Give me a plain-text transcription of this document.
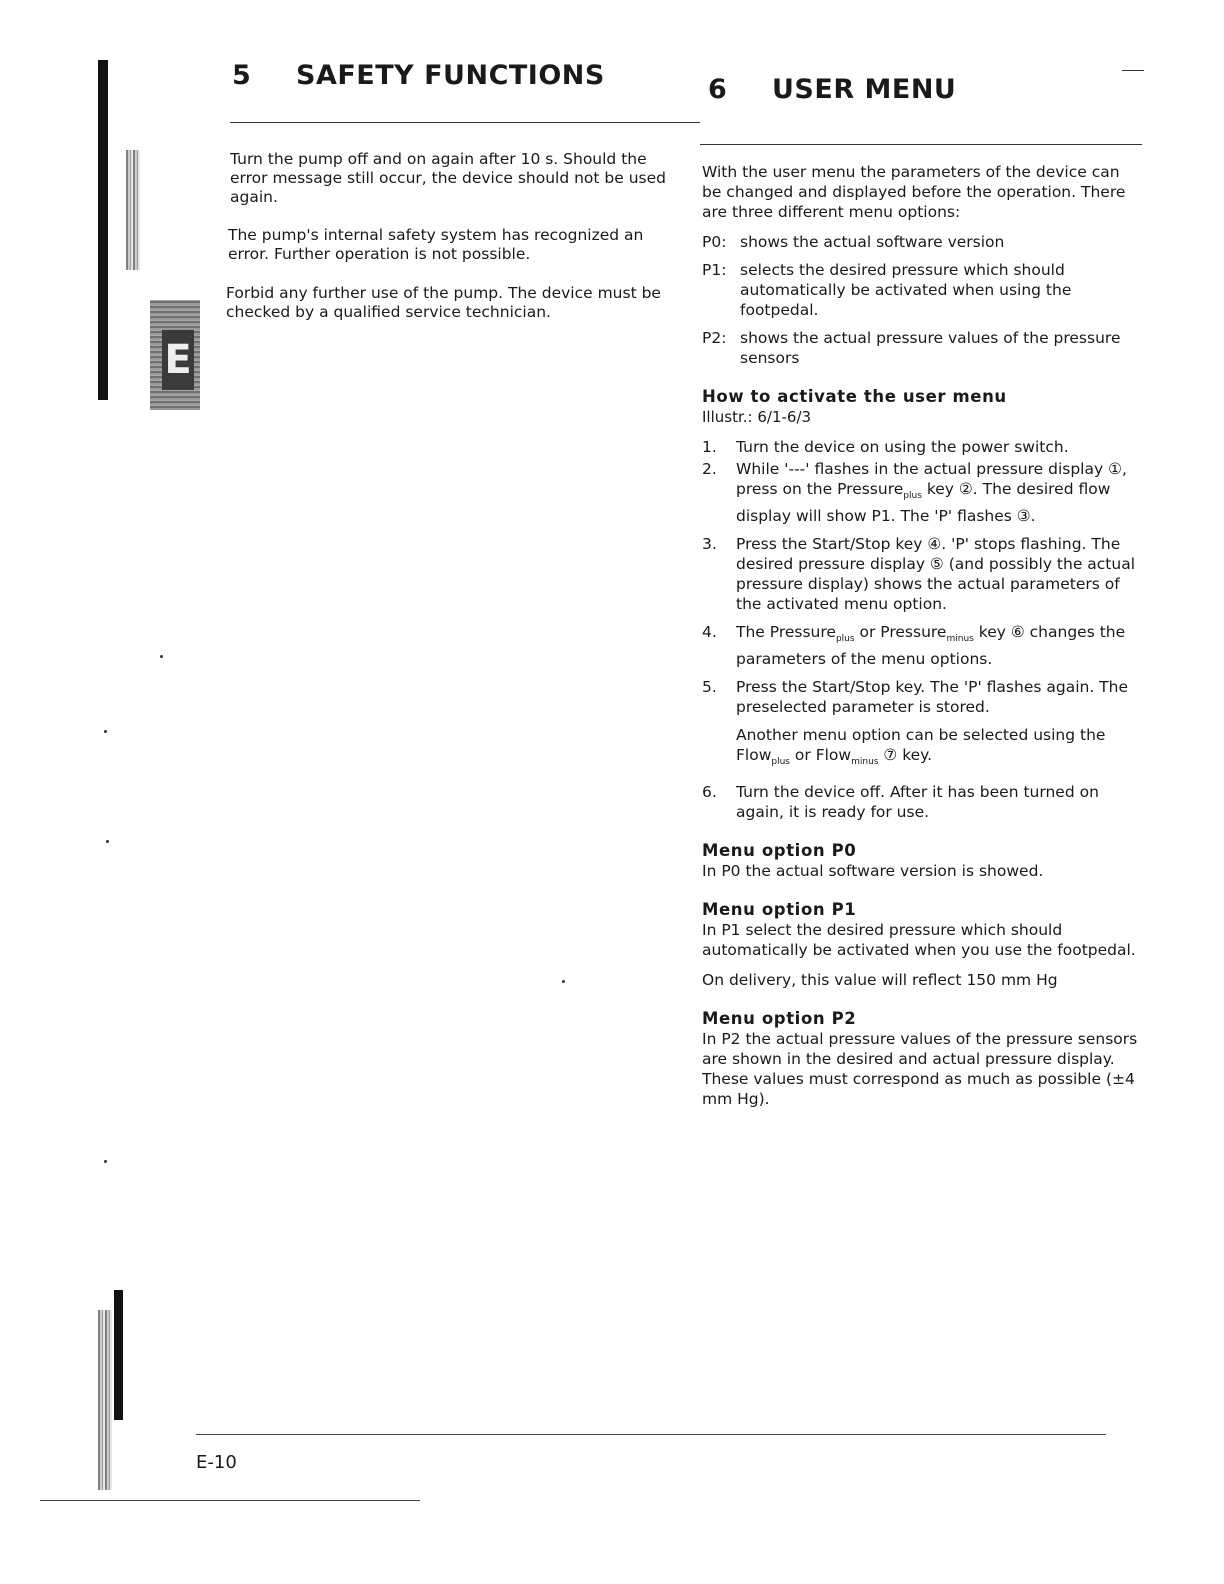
E
5 SAFETY FUNCTIONS	6 USER MENU

Turn the pump off and on again after 10 s. Should the error message still occur, the device should not be used again.

The pump's internal safety system has recognized an error. Further operation is not possible.

Forbid any further use of the pump. The device must be checked by a qualified service technician.

With the user menu the parameters of the device can be changed and displayed before the operation. There are three different menu options:

P0: shows the actual software version
P1: selects the desired pressure which should automatically be activated when using the footpedal.
P2: shows the actual pressure values of the pressure sensors

How to activate the user menu

Illustr.: 6/1-6/3

1.	Turn the device on using the power switch.
2.	While '---' flashes in the actual pressure display ①, press on the Pressure$_{plus}$ key ②. The desired flow display will show P1. The 'P' flashes ③.
3.	Press the Start/Stop key ④. 'P' stops flashing. The desired pressure display ⑤ (and possibly the actual pressure display) shows the actual parameters of the activated menu option.
4.	The Pressure$_{plus}$ or Pressure$_{minus}$ key ⑥ changes the parameters of the menu options.
5.	Press the Start/Stop key. The 'P' flashes again. The preselected parameter is stored.

Another menu option can be selected using the Flow$_{plus}$ or Flow$_{minus}$ ⑦ key.

6.	Turn the device off. After it has been turned on again, it is ready for use.

Menu option P0

In P0 the actual software version is showed.

Menu option P1

In P1 select the desired pressure which should automatically be activated when you use the footpedal.

On delivery, this value will reflect 150 mm Hg

Menu option P2

In P2 the actual pressure values of the pressure sensors are shown in the desired and actual pressure display. These values must correspond as much as possible (±4 mm Hg).

E-10
